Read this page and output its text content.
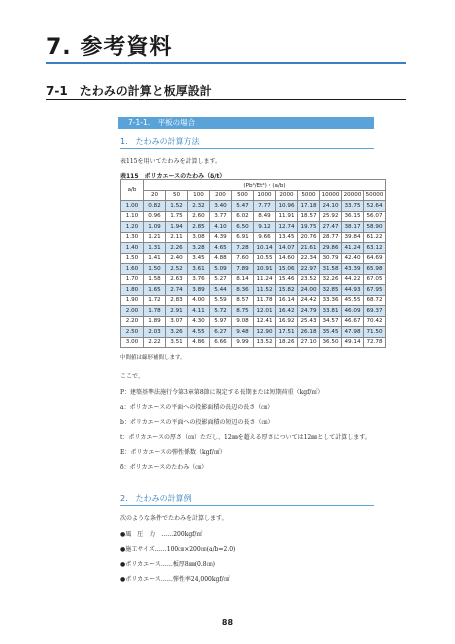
7. 参考資料
7-1 たわみの計算と板厚設計
7-1-1.　平板の場合
1.　たわみの計算方法
表115を用いてたわみを計算します。
表115　ポリカエースのたわみ（δ/t）
a/b	(Pb⁴/Et⁴)・(a/b)										
	20	50	100	200	500	1000	2000	5000	10000	20000	50000
1.00	0.82	1.52	2.32	3.40	5.47	7.77	10.96	17.18	24.10	33.75	52.64
1.10	0.96	1.75	2.60	3.77	6.02	8.49	11.91	18.57	25.92	36.15	56.07
1.20	1.09	1.94	2.85	4.10	6.50	9.12	12.74	19.75	27.47	38.17	58.90
1.30	1.21	2.11	3.08	4.39	6.91	9.66	13.45	20.76	28.77	39.84	61.22
1.40	1.31	2.26	3.28	4.65	7.28	10.14	14.07	21.61	29.86	41.24	63.12
1.50	1.41	2.40	3.45	4.88	7.60	10.55	14.60	22.34	30.79	42.40	64.69
1.60	1.50	2.52	3.61	5.09	7.89	10.91	15.06	22.97	31.58	43.39	65.98
1.70	1.58	2.63	3.76	5.27	8.14	11.24	15.46	23.52	32.26	44.22	67.05
1.80	1.65	2.74	3.89	5.44	8.36	11.52	15.82	24.00	32.85	44.93	67.95
1.90	1.72	2.83	4.00	5.59	8.57	11.78	16.14	24.42	33.36	45.55	68.72
2.00	1.78	2.91	4.11	5.72	8.75	12.01	16.42	24.79	33.81	46.09	69.37
2.20	1.89	3.07	4.30	5.97	9.08	12.41	16.92	25.43	34.57	46.67	70.42
2.50	2.03	3.26	4.55	6.27	9.48	12.90	17.51	26.18	35.45	47.98	71.50
3.00	2.22	3.51	4.86	6.66	9.99	13.52	18.26	27.10	36.50	49.14	72.78
中間値は線形補間します。
ここで、
P：建築基準法施行令第3章第8節に規定する長期または短期荷重（kgf/㎡）
a：ポリカエースの平面への投影面積の長辺の長さ（㎝）
b：ポリカエースの平面への投影面積の短辺の長さ（㎝）
t：ポリカエースの厚さ（㎝）ただし、12㎜を超える厚さについては12㎜として計算します。
E：ポリカエースの弾性係数（kgf/㎠）
δ：ポリカエースのたわみ（㎝）
2.　たわみの計算例
次のような条件でたわみを計算します。
●風　圧　力　……200kgf/㎡
●施工サイズ……100㎝×200㎝(a/b=2.0)
●ポリカエース……板厚8㎜(0.8㎝)
●ポリカエース……弾性率24,000kgf/㎠
88
